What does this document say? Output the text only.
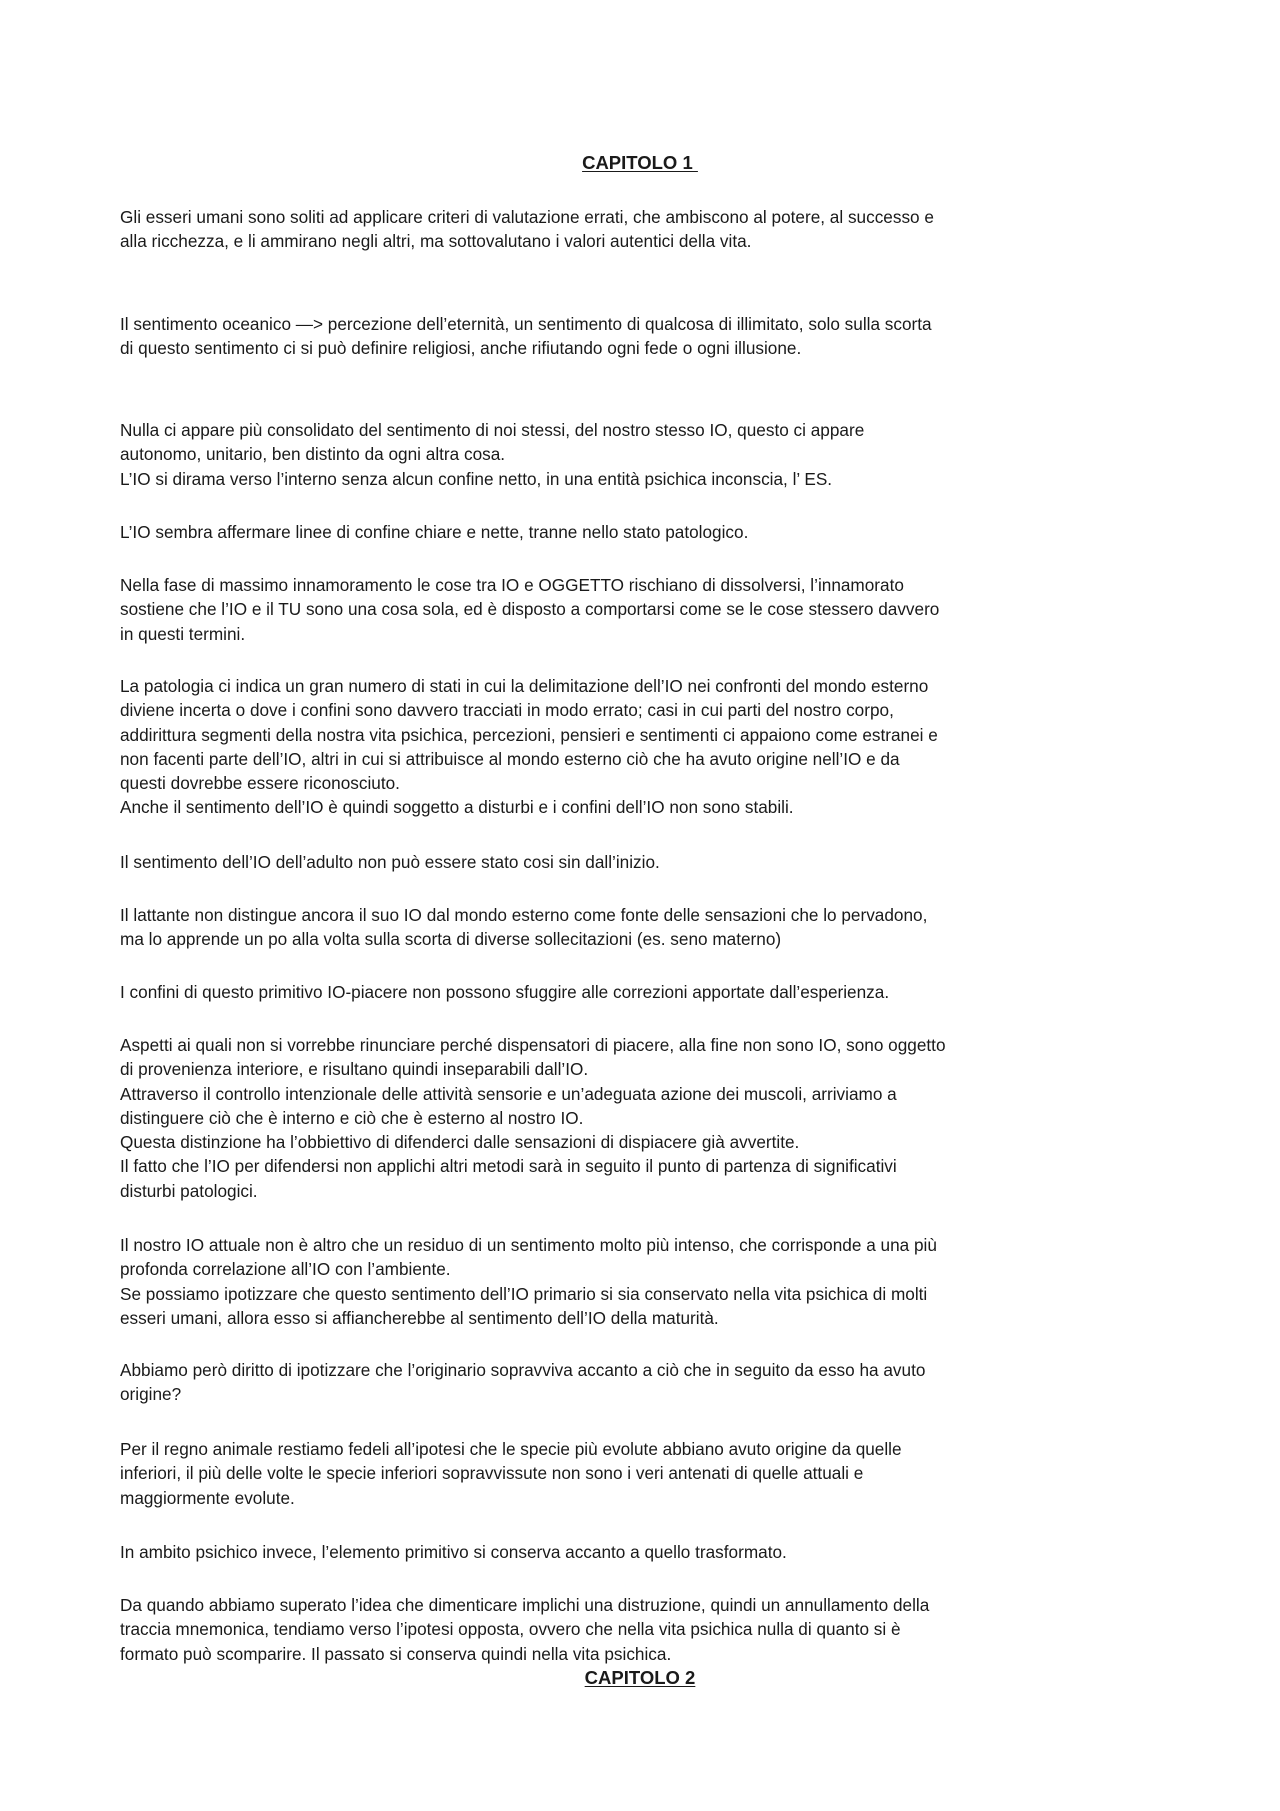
CAPITOLO 1
Gli esseri umani sono soliti ad applicare criteri di valutazione errati, che ambiscono al potere, al successo e
alla ricchezza, e li ammirano negli altri, ma sottovalutano i valori autentici della vita.
Il sentimento oceanico —> percezione dell’eternità, un sentimento di qualcosa di illimitato, solo sulla scorta
di questo sentimento ci si può definire religiosi, anche rifiutando ogni fede o ogni illusione.
Nulla ci appare più consolidato del sentimento di noi stessi, del nostro stesso IO, questo ci appare
autonomo, unitario, ben distinto da ogni altra cosa.
L’IO si dirama verso l’interno senza alcun confine netto, in una entità psichica inconscia, l’ ES.
L’IO sembra affermare linee di confine chiare e nette, tranne nello stato patologico.
Nella fase di massimo innamoramento le cose tra IO e OGGETTO rischiano di dissolversi, l’innamorato
sostiene che l’IO e il TU sono una cosa sola, ed è disposto a comportarsi come se le cose stessero davvero
in questi termini.
La patologia ci indica un gran numero di stati in cui la delimitazione dell’IO nei confronti del mondo esterno
diviene incerta o dove i confini sono davvero tracciati in modo errato; casi in cui parti del nostro corpo,
addirittura segmenti della nostra vita psichica, percezioni, pensieri e sentimenti ci appaiono come estranei e
non facenti parte dell’IO, altri in cui si attribuisce al mondo esterno ciò che ha avuto origine nell’IO e da
questi dovrebbe essere riconosciuto.
Anche il sentimento dell’IO è quindi soggetto a disturbi e i confini dell’IO non sono stabili.
Il sentimento dell’IO dell’adulto non può essere stato cosi sin dall’inizio.
Il lattante non distingue ancora il suo IO dal mondo esterno come fonte delle sensazioni che lo pervadono,
ma lo apprende un po alla volta sulla scorta di diverse sollecitazioni (es. seno materno)
I confini di questo primitivo IO-piacere non possono sfuggire alle correzioni apportate dall’esperienza.
Aspetti ai quali non si vorrebbe rinunciare perché dispensatori di piacere, alla fine non sono IO, sono oggetto
di provenienza interiore, e risultano quindi inseparabili dall’IO.
Attraverso il controllo intenzionale delle attività sensorie e un’adeguata azione dei muscoli, arriviamo a
distinguere ciò che è interno e ciò che è esterno al nostro IO.
Questa distinzione ha l’obbiettivo di difenderci dalle sensazioni di dispiacere già avvertite.
Il fatto che l’IO per difendersi non applichi altri metodi sarà in seguito il punto di partenza di significativi
disturbi patologici.
Il nostro IO attuale non è altro che un residuo di un sentimento molto più intenso, che corrisponde a una più
profonda correlazione all’IO con l’ambiente.
Se possiamo ipotizzare che questo sentimento dell’IO primario si sia conservato nella vita psichica di molti
esseri umani, allora esso si affiancherebbe al sentimento dell’IO della maturità.
Abbiamo però diritto di ipotizzare che l’originario sopravviva accanto a ciò che in seguito da esso ha avuto
origine?
Per il regno animale restiamo fedeli all’ipotesi che le specie più evolute abbiano avuto origine da quelle
inferiori, il più delle volte le specie inferiori sopravvissute non sono i veri antenati di quelle attuali e
maggiormente evolute.
In ambito psichico invece, l’elemento primitivo si conserva accanto a quello trasformato.
Da quando abbiamo superato l’idea che dimenticare implichi una distruzione, quindi un annullamento della
traccia mnemonica, tendiamo verso l’ipotesi opposta, ovvero che nella vita psichica nulla di quanto si è
formato può scomparire. Il passato si conserva quindi nella vita psichica.
CAPITOLO 2
